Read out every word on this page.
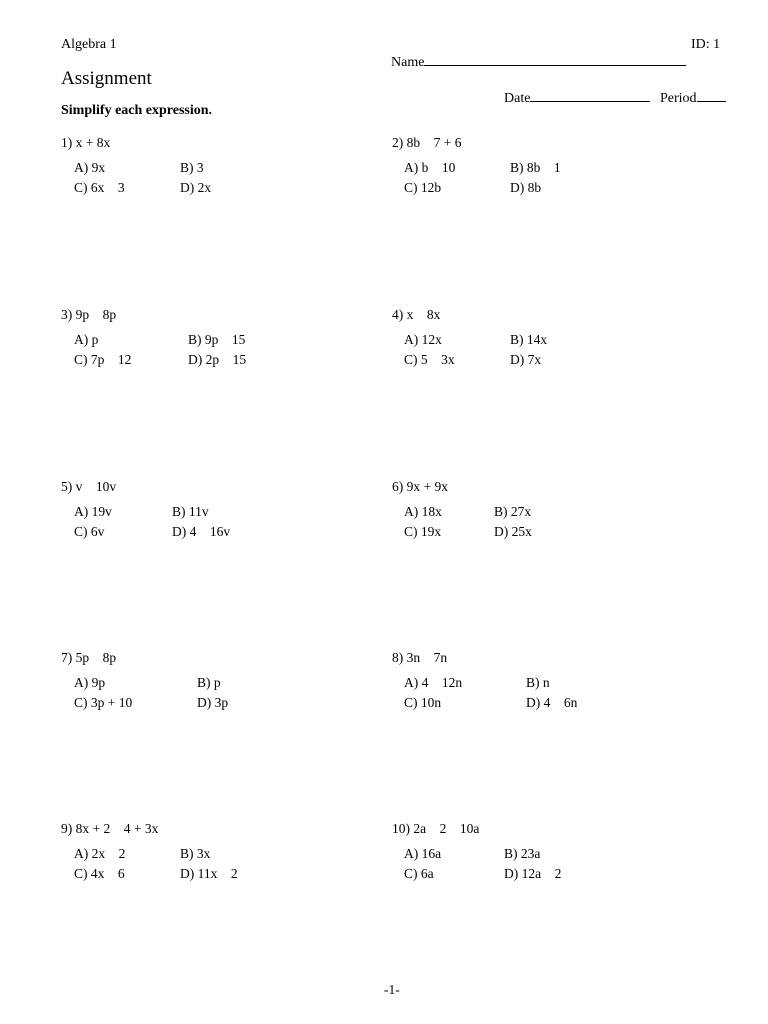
Algebra 1

Name

ID: 1
Assignment

Date	Period

Simplify each expression.
1) x + 8x
A) 9x	B) 3
C) 6x    3	D) 2x
2) 8b    7 + 6
A) b    10	B) 8b    1
C) 12b	D) 8b
3) 9p    8p
A) p	B) 9p    15
C) 7p    12	D) 2p    15
4) x    8x
A) 12x	B) 14x
C) 5    3x	D) 7x
5) v    10v
A) 19v	B) 11v
C) 6v	D) 4    16v
6) 9x + 9x
A) 18x	B) 27x
C) 19x	D) 25x
7) 5p    8p
A) 9p	B) p
C) 3p + 10	D) 3p
8) 3n    7n
A) 4    12n	B) n
C) 10n	D) 4    6n
9) 8x + 2    4 + 3x
A) 2x    2	B) 3x
C) 4x    6	D) 11x    2
10) 2a    2    10a
A) 16a	B) 23a
C) 6a	D) 12a    2
-1-
